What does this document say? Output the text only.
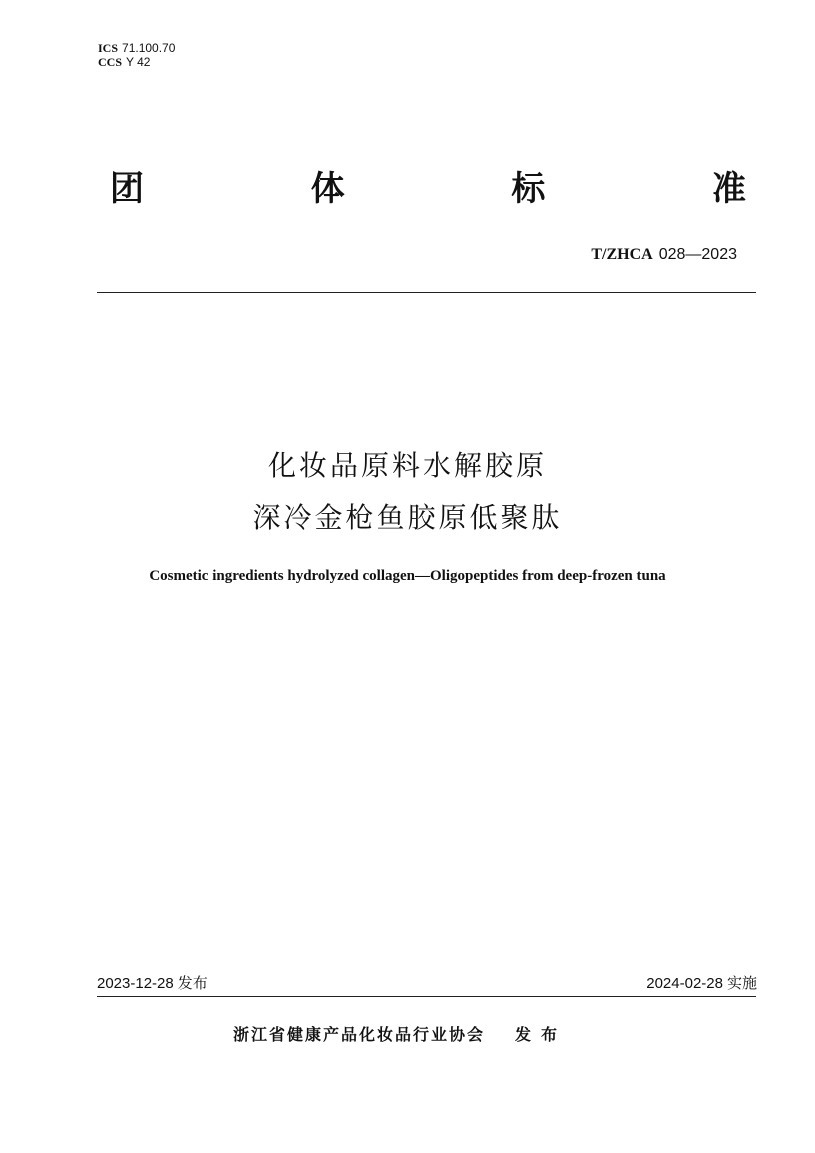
ICS 71.100.70
CCS Y 42
团	体	标	准
T/ZHCA 028—2023
化妆品原料水解胶原
深冷金枪鱼胶原低聚肽
Cosmetic ingredients hydrolyzed collagen—Oligopeptides from deep-frozen tuna
2023-12-28 发布	2024-02-28 实施
浙江省健康产品化妆品行业协会 发布
